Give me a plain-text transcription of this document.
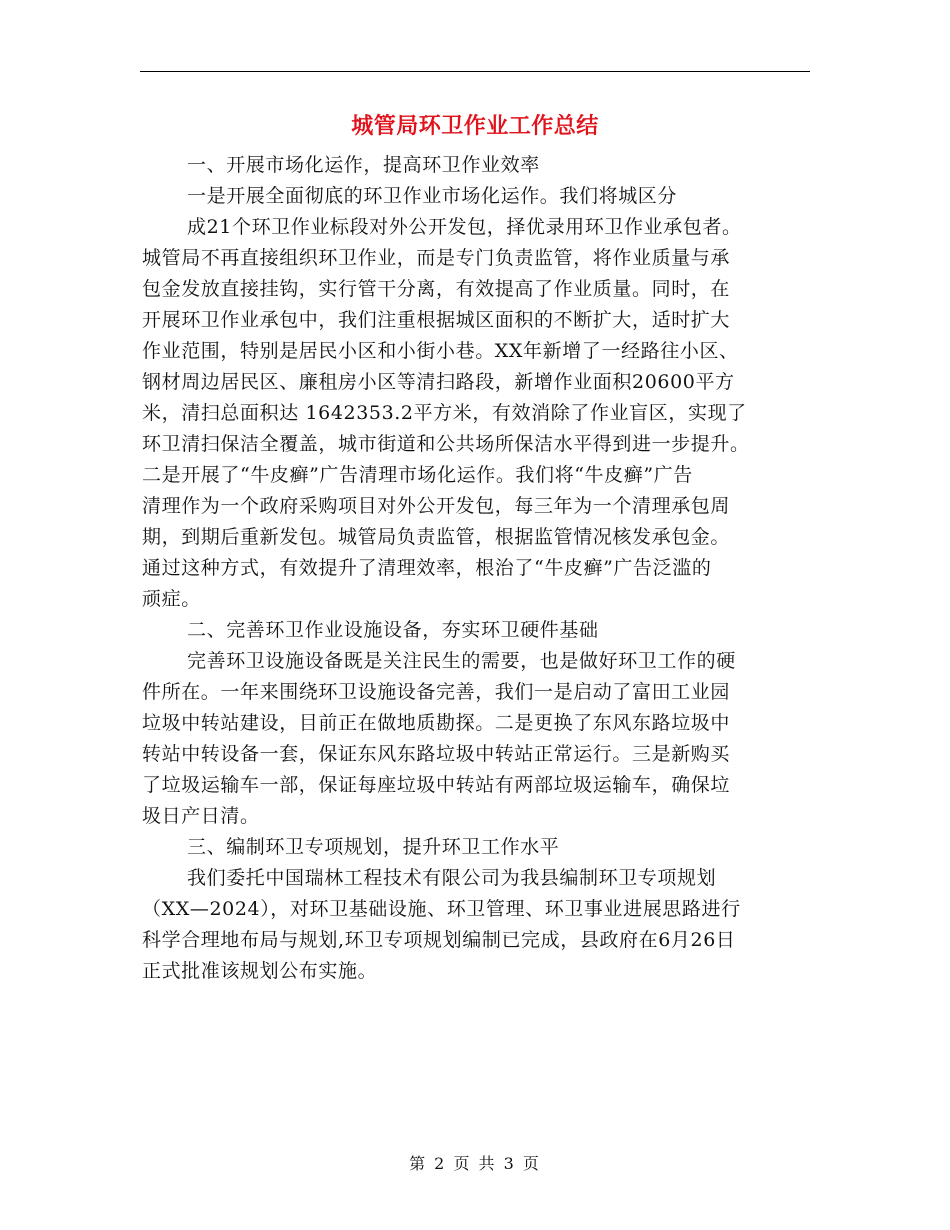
城管局环卫作业工作总结
一、开展市场化运作，提高环卫作业效率
一是开展全面彻底的环卫作业市场化运作。我们将城区分
成21个环卫作业标段对外公开发包，择优录用环卫作业承包者。
城管局不再直接组织环卫作业，而是专门负责监管，将作业质量与承
包金发放直接挂钩，实行管干分离，有效提高了作业质量。同时，在
开展环卫作业承包中，我们注重根据城区面积的不断扩大，适时扩大
作业范围，特别是居民小区和小街小巷。XX年新增了一经路往小区、
钢材周边居民区、廉租房小区等清扫路段，新增作业面积20600平方
米，清扫总面积达 1642353.2平方米，有效消除了作业盲区，实现了
环卫清扫保洁全覆盖，城市街道和公共场所保洁水平得到进一步提升。
二是开展了“牛皮癣”广告清理市场化运作。我们将“牛皮癣”广告
清理作为一个政府采购项目对外公开发包，每三年为一个清理承包周
期，到期后重新发包。城管局负责监管，根据监管情况核发承包金。
通过这种方式，有效提升了清理效率，根治了“牛皮癣”广告泛滥的
顽症。
二、完善环卫作业设施设备，夯实环卫硬件基础
完善环卫设施设备既是关注民生的需要，也是做好环卫工作的硬
件所在。一年来围绕环卫设施设备完善，我们一是启动了富田工业园
垃圾中转站建设，目前正在做地质勘探。二是更换了东风东路垃圾中
转站中转设备一套，保证东风东路垃圾中转站正常运行。三是新购买
了垃圾运输车一部，保证每座垃圾中转站有两部垃圾运输车，确保垃
圾日产日清。
三、编制环卫专项规划，提升环卫工作水平
我们委托中国瑞林工程技术有限公司为我县编制环卫专项规划
（XX—2024），对环卫基础设施、环卫管理、环卫事业进展思路进行
科学合理地布局与规划,环卫专项规划编制已完成，县政府在6月26日
正式批准该规划公布实施。
第 2 页 共 3 页
